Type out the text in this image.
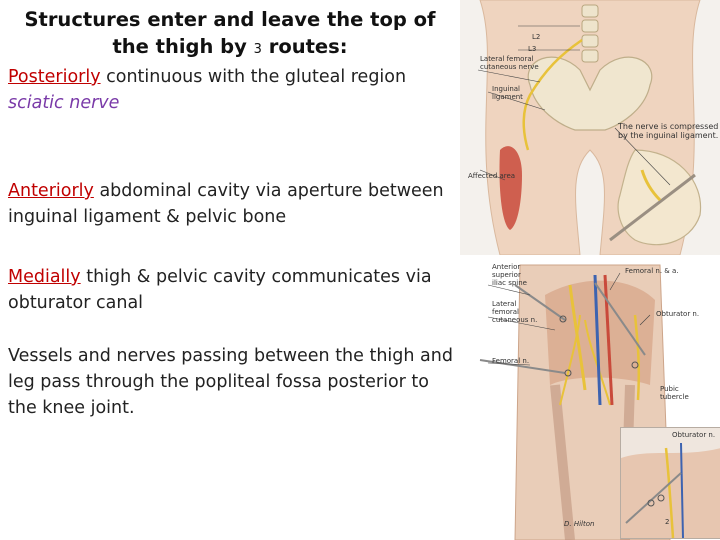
Structures enter and leave the top of
the thigh by 3 routes:
Posteriorly continuous with the gluteal region
sciatic nerve
Anteriorly abdominal cavity via aperture between inguinal ligament & pelvic bone
Medially thigh & pelvic cavity communicates via obturator canal
Vessels and nerves passing between the thigh and leg pass through the popliteal fossa posterior to the knee joint.
L2
L3
Lateral femoral
cutaneous nerve
Inguinal
ligament
The nerve is compressed
by the inguinal ligament.
Affected area
Anterior
superior
iliac spine
Femoral n. & a.
Lateral
femoral
cutaneous n.
Obturator n.
Femoral n.
Pubic
tubercle
Obturator n.
D. Hilton	2
